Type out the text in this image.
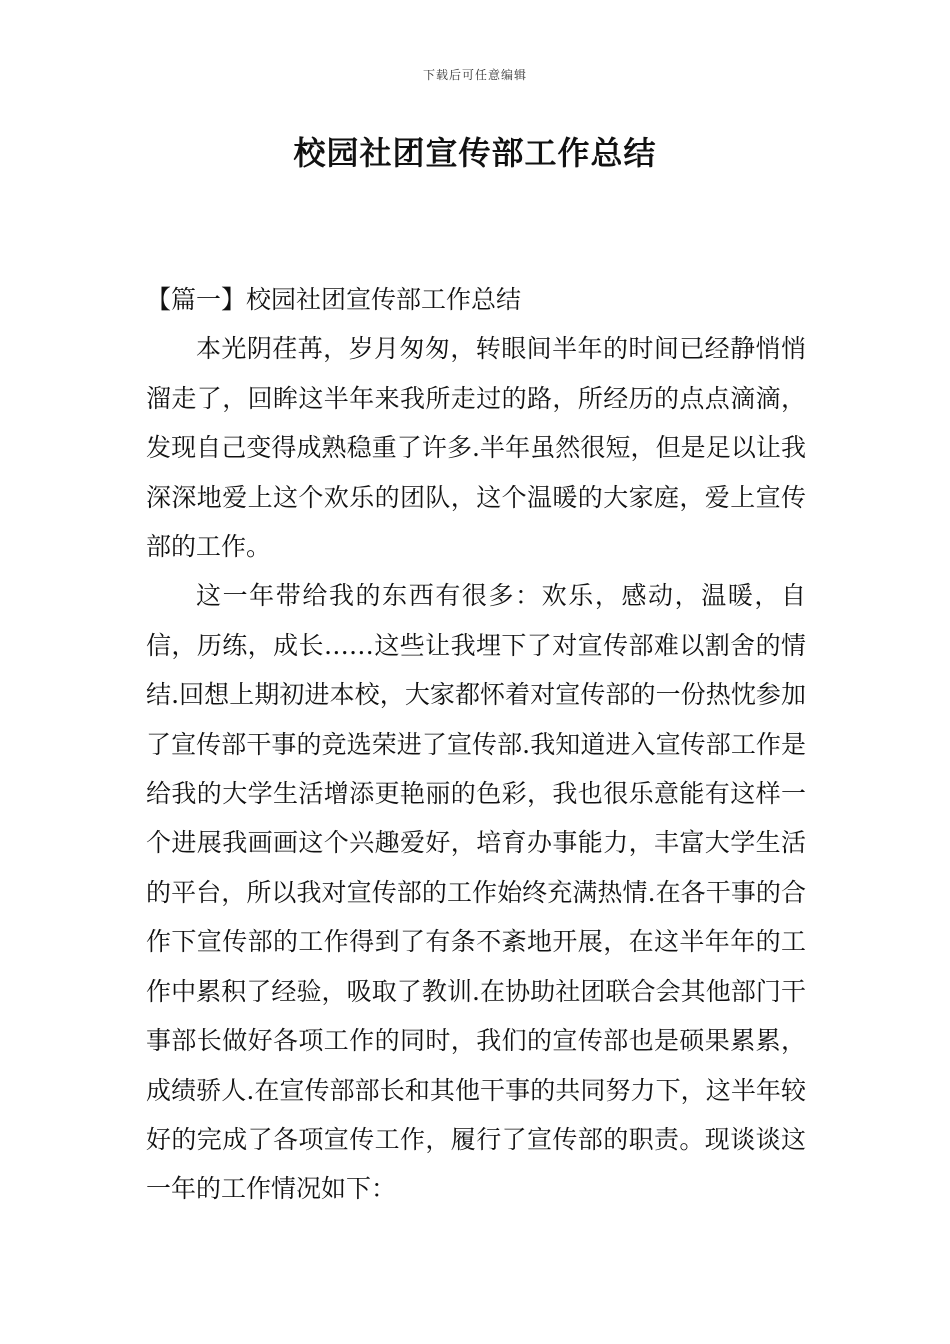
下载后可任意编辑
校园社团宣传部工作总结
【篇一】校园社团宣传部工作总结

本光阴荏苒，岁月匆匆，转眼间半年的时间已经静悄悄溜走了，回眸这半年来我所走过的路，所经历的点点滴滴，发现自己变得成熟稳重了许多.半年虽然很短，但是足以让我深深地爱上这个欢乐的团队，这个温暖的大家庭，爱上宣传部的工作。

这一年带给我的东西有很多：欢乐，感动，温暖，自信，历练，成长……这些让我埋下了对宣传部难以割舍的情结.回想上期初进本校，大家都怀着对宣传部的一份热忱参加了宣传部干事的竞选荣进了宣传部.我知道进入宣传部工作是给我的大学生活增添更艳丽的色彩，我也很乐意能有这样一个进展我画画这个兴趣爱好，培育办事能力，丰富大学生活的平台，所以我对宣传部的工作始终充满热情.在各干事的合作下宣传部的工作得到了有条不紊地开展，在这半年年的工作中累积了经验，吸取了教训.在协助社团联合会其他部门干事部长做好各项工作的同时，我们的宣传部也是硕果累累，成绩骄人.在宣传部部长和其他干事的共同努力下，这半年较好的完成了各项宣传工作，履行了宣传部的职责。现谈谈这一年的工作情况如下：
